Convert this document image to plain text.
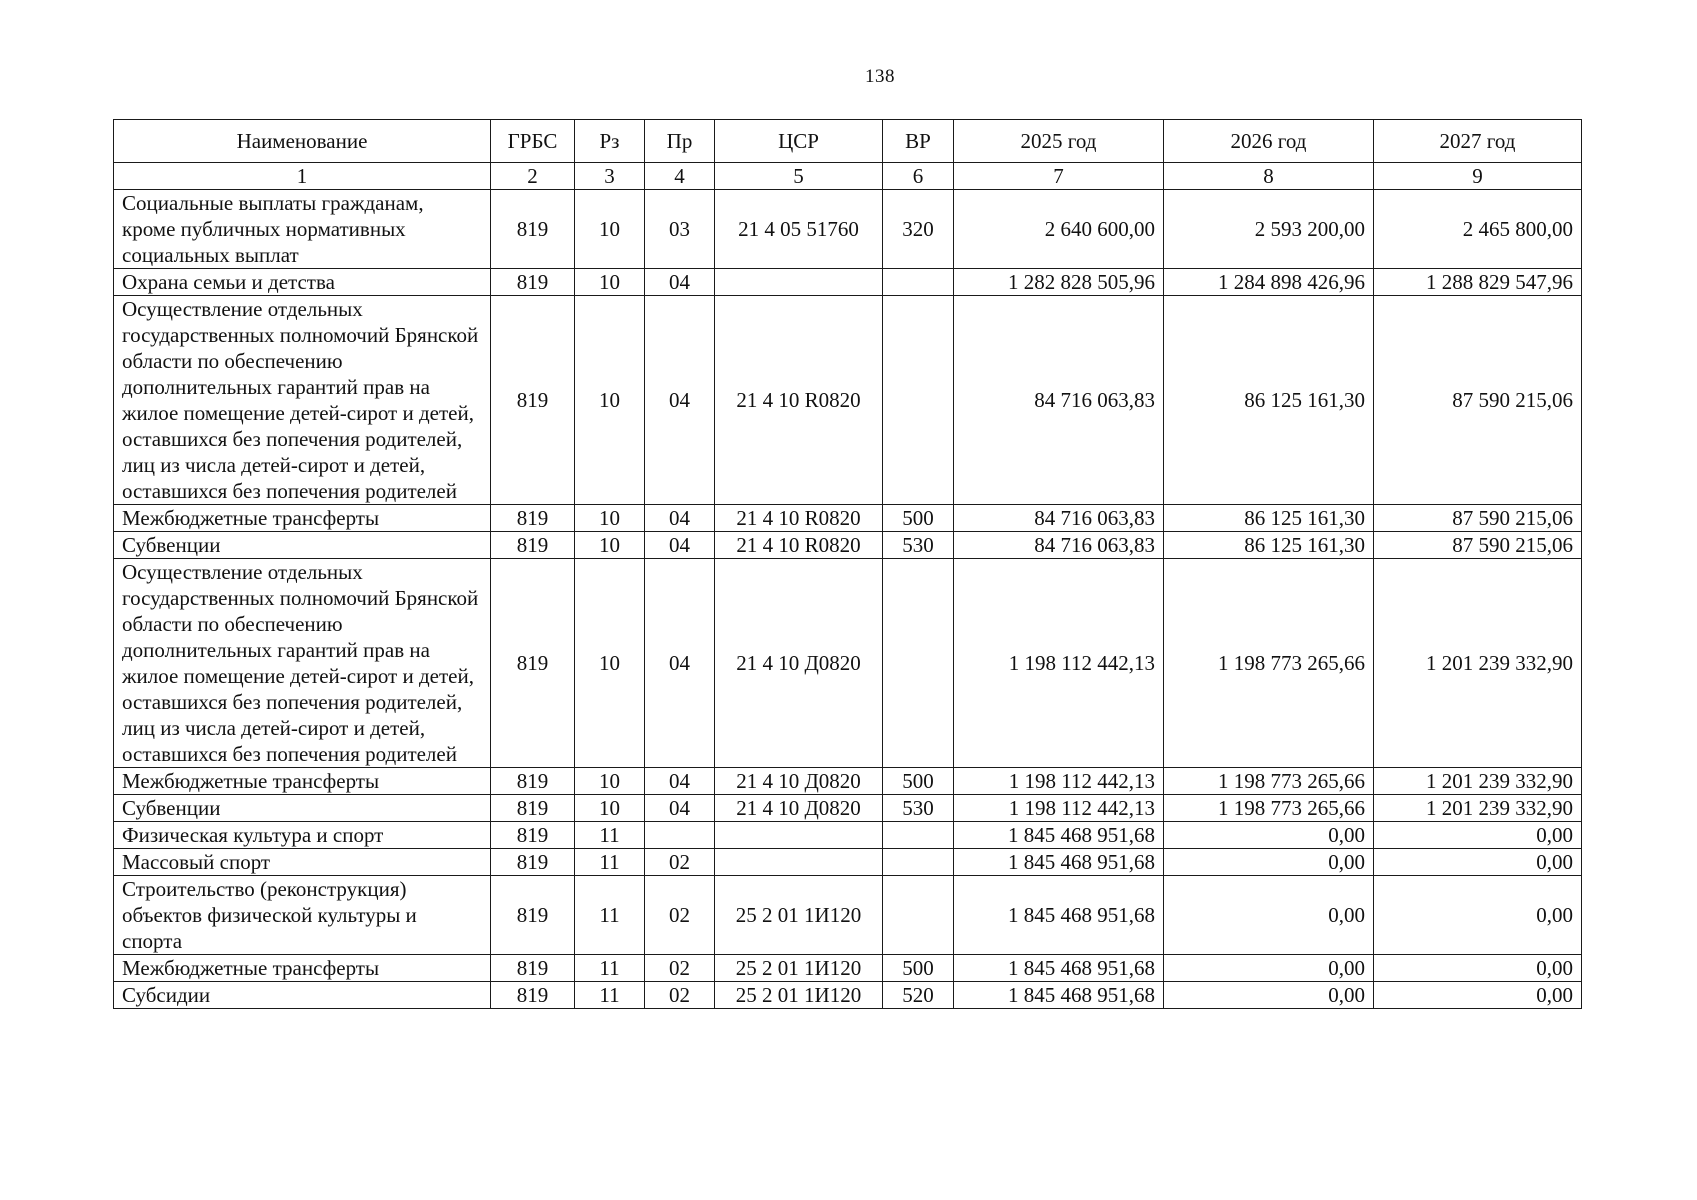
138
Наименование	ГРБС	Рз	Пр	ЦСР	ВР	2025 год	2026 год	2027 год
1	2	3	4	5	6	7	8	9
Социальные выплаты гражданам, кроме публичных нормативных социальных выплат	819	10	03	21 4 05 51760	320	2 640 600,00	2 593 200,00	2 465 800,00
Охрана семьи и детства	819	10	04			1 282 828 505,96	1 284 898 426,96	1 288 829 547,96
Осуществление отдельных государственных полномочий Брянской области по обеспечению дополнительных гарантий прав на жилое помещение детей-сирот и детей, оставшихся без попечения родителей, лиц из числа детей-сирот и детей, оставшихся без попечения родителей	819	10	04	21 4 10 R0820		84 716 063,83	86 125 161,30	87 590 215,06
Межбюджетные трансферты	819	10	04	21 4 10 R0820	500	84 716 063,83	86 125 161,30	87 590 215,06
Субвенции	819	10	04	21 4 10 R0820	530	84 716 063,83	86 125 161,30	87 590 215,06
Осуществление отдельных государственных полномочий Брянской области по обеспечению дополнительных гарантий прав на жилое помещение детей-сирот и детей, оставшихся без попечения родителей, лиц из числа детей-сирот и детей, оставшихся без попечения родителей	819	10	04	21 4 10 Д0820		1 198 112 442,13	1 198 773 265,66	1 201 239 332,90
Межбюджетные трансферты	819	10	04	21 4 10 Д0820	500	1 198 112 442,13	1 198 773 265,66	1 201 239 332,90
Субвенции	819	10	04	21 4 10 Д0820	530	1 198 112 442,13	1 198 773 265,66	1 201 239 332,90
Физическая культура и спорт	819	11				1 845 468 951,68	0,00	0,00
Массовый спорт	819	11	02			1 845 468 951,68	0,00	0,00
Строительство (реконструкция) объектов физической культуры и спорта	819	11	02	25 2 01 1И120		1 845 468 951,68	0,00	0,00
Межбюджетные трансферты	819	11	02	25 2 01 1И120	500	1 845 468 951,68	0,00	0,00
Субсидии	819	11	02	25 2 01 1И120	520	1 845 468 951,68	0,00	0,00
